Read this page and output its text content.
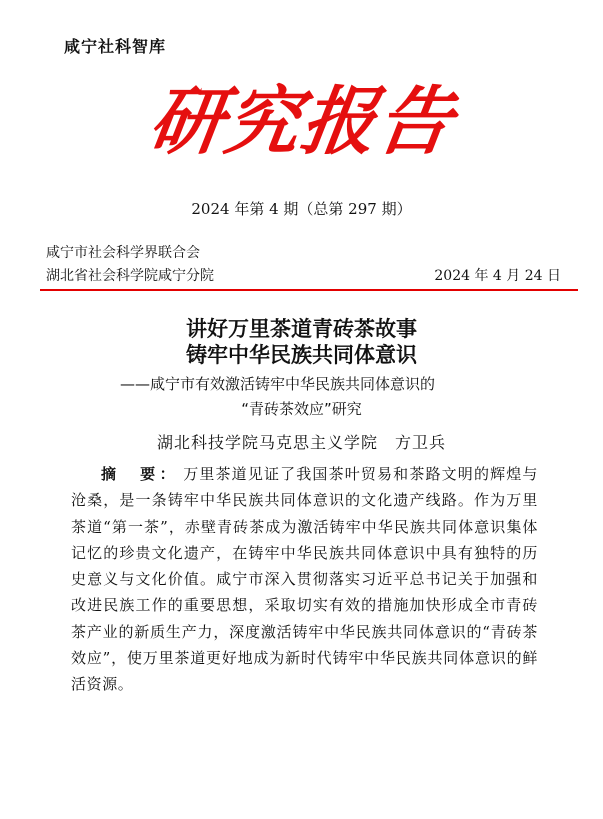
咸宁社科智库
研究报告
2024 年第 4 期（总第 297 期）
咸宁市社会科学界联合会
湖北省社会科学院咸宁分院	2024 年 4 月 24 日
讲好万里茶道青砖茶故事
铸牢中华民族共同体意识
——咸宁市有效激活铸牢中华民族共同体意识的
“青砖茶效应”研究
湖北科技学院马克思主义学院　方卫兵
摘　要： 万里茶道见证了我国茶叶贸易和茶路文明的辉煌与沧桑，是一条铸牢中华民族共同体意识的文化遗产线路。作为万里茶道“第一茶”，赤壁青砖茶成为激活铸牢中华民族共同体意识集体记忆的珍贵文化遗产，在铸牢中华民族共同体意识中具有独特的历史意义与文化价值。咸宁市深入贯彻落实习近平总书记关于加强和改进民族工作的重要思想，采取切实有效的措施加快形成全市青砖茶产业的新质生产力，深度激活铸牢中华民族共同体意识的“青砖茶效应”，使万里茶道更好地成为新时代铸牢中华民族共同体意识的鲜活资源。
